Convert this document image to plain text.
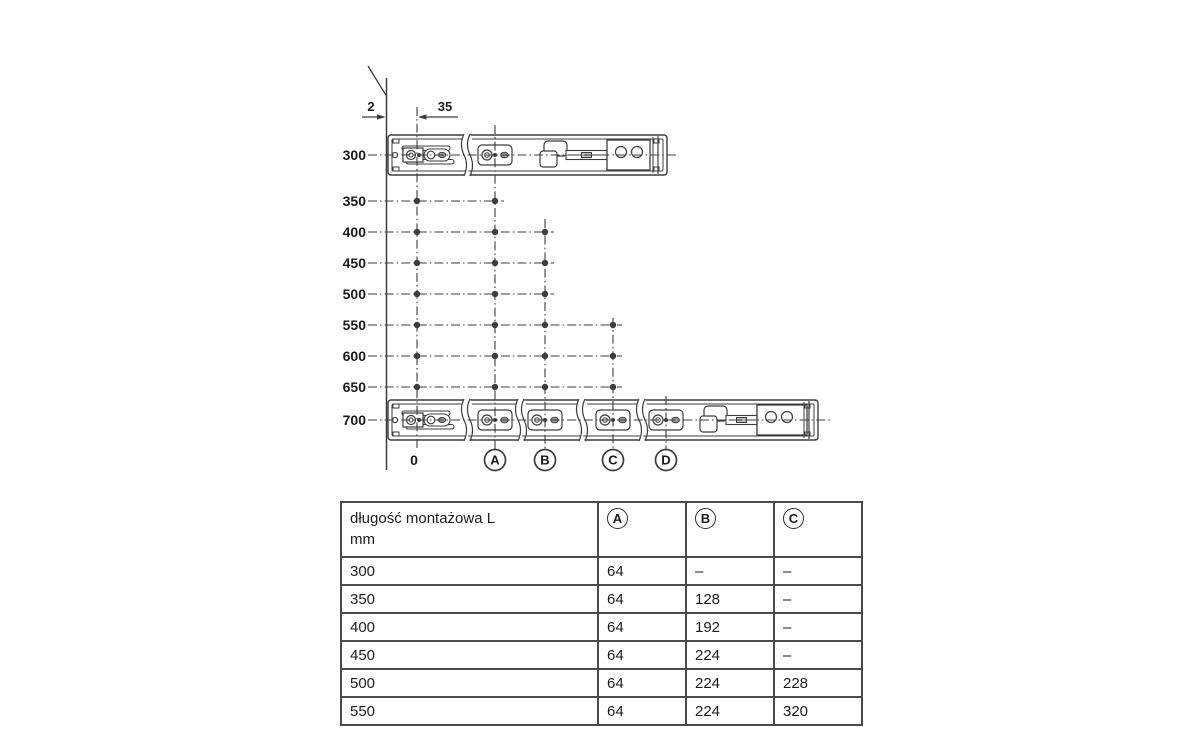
300
350
400
450
500
550
600
650
700
2	35
0	A	B	C	D
długość montażowa L
mm	A	B	C
300	64	–	–
350	64	128	–
400	64	192	–
450	64	224	–
500	64	224	228
550	64	224	320
